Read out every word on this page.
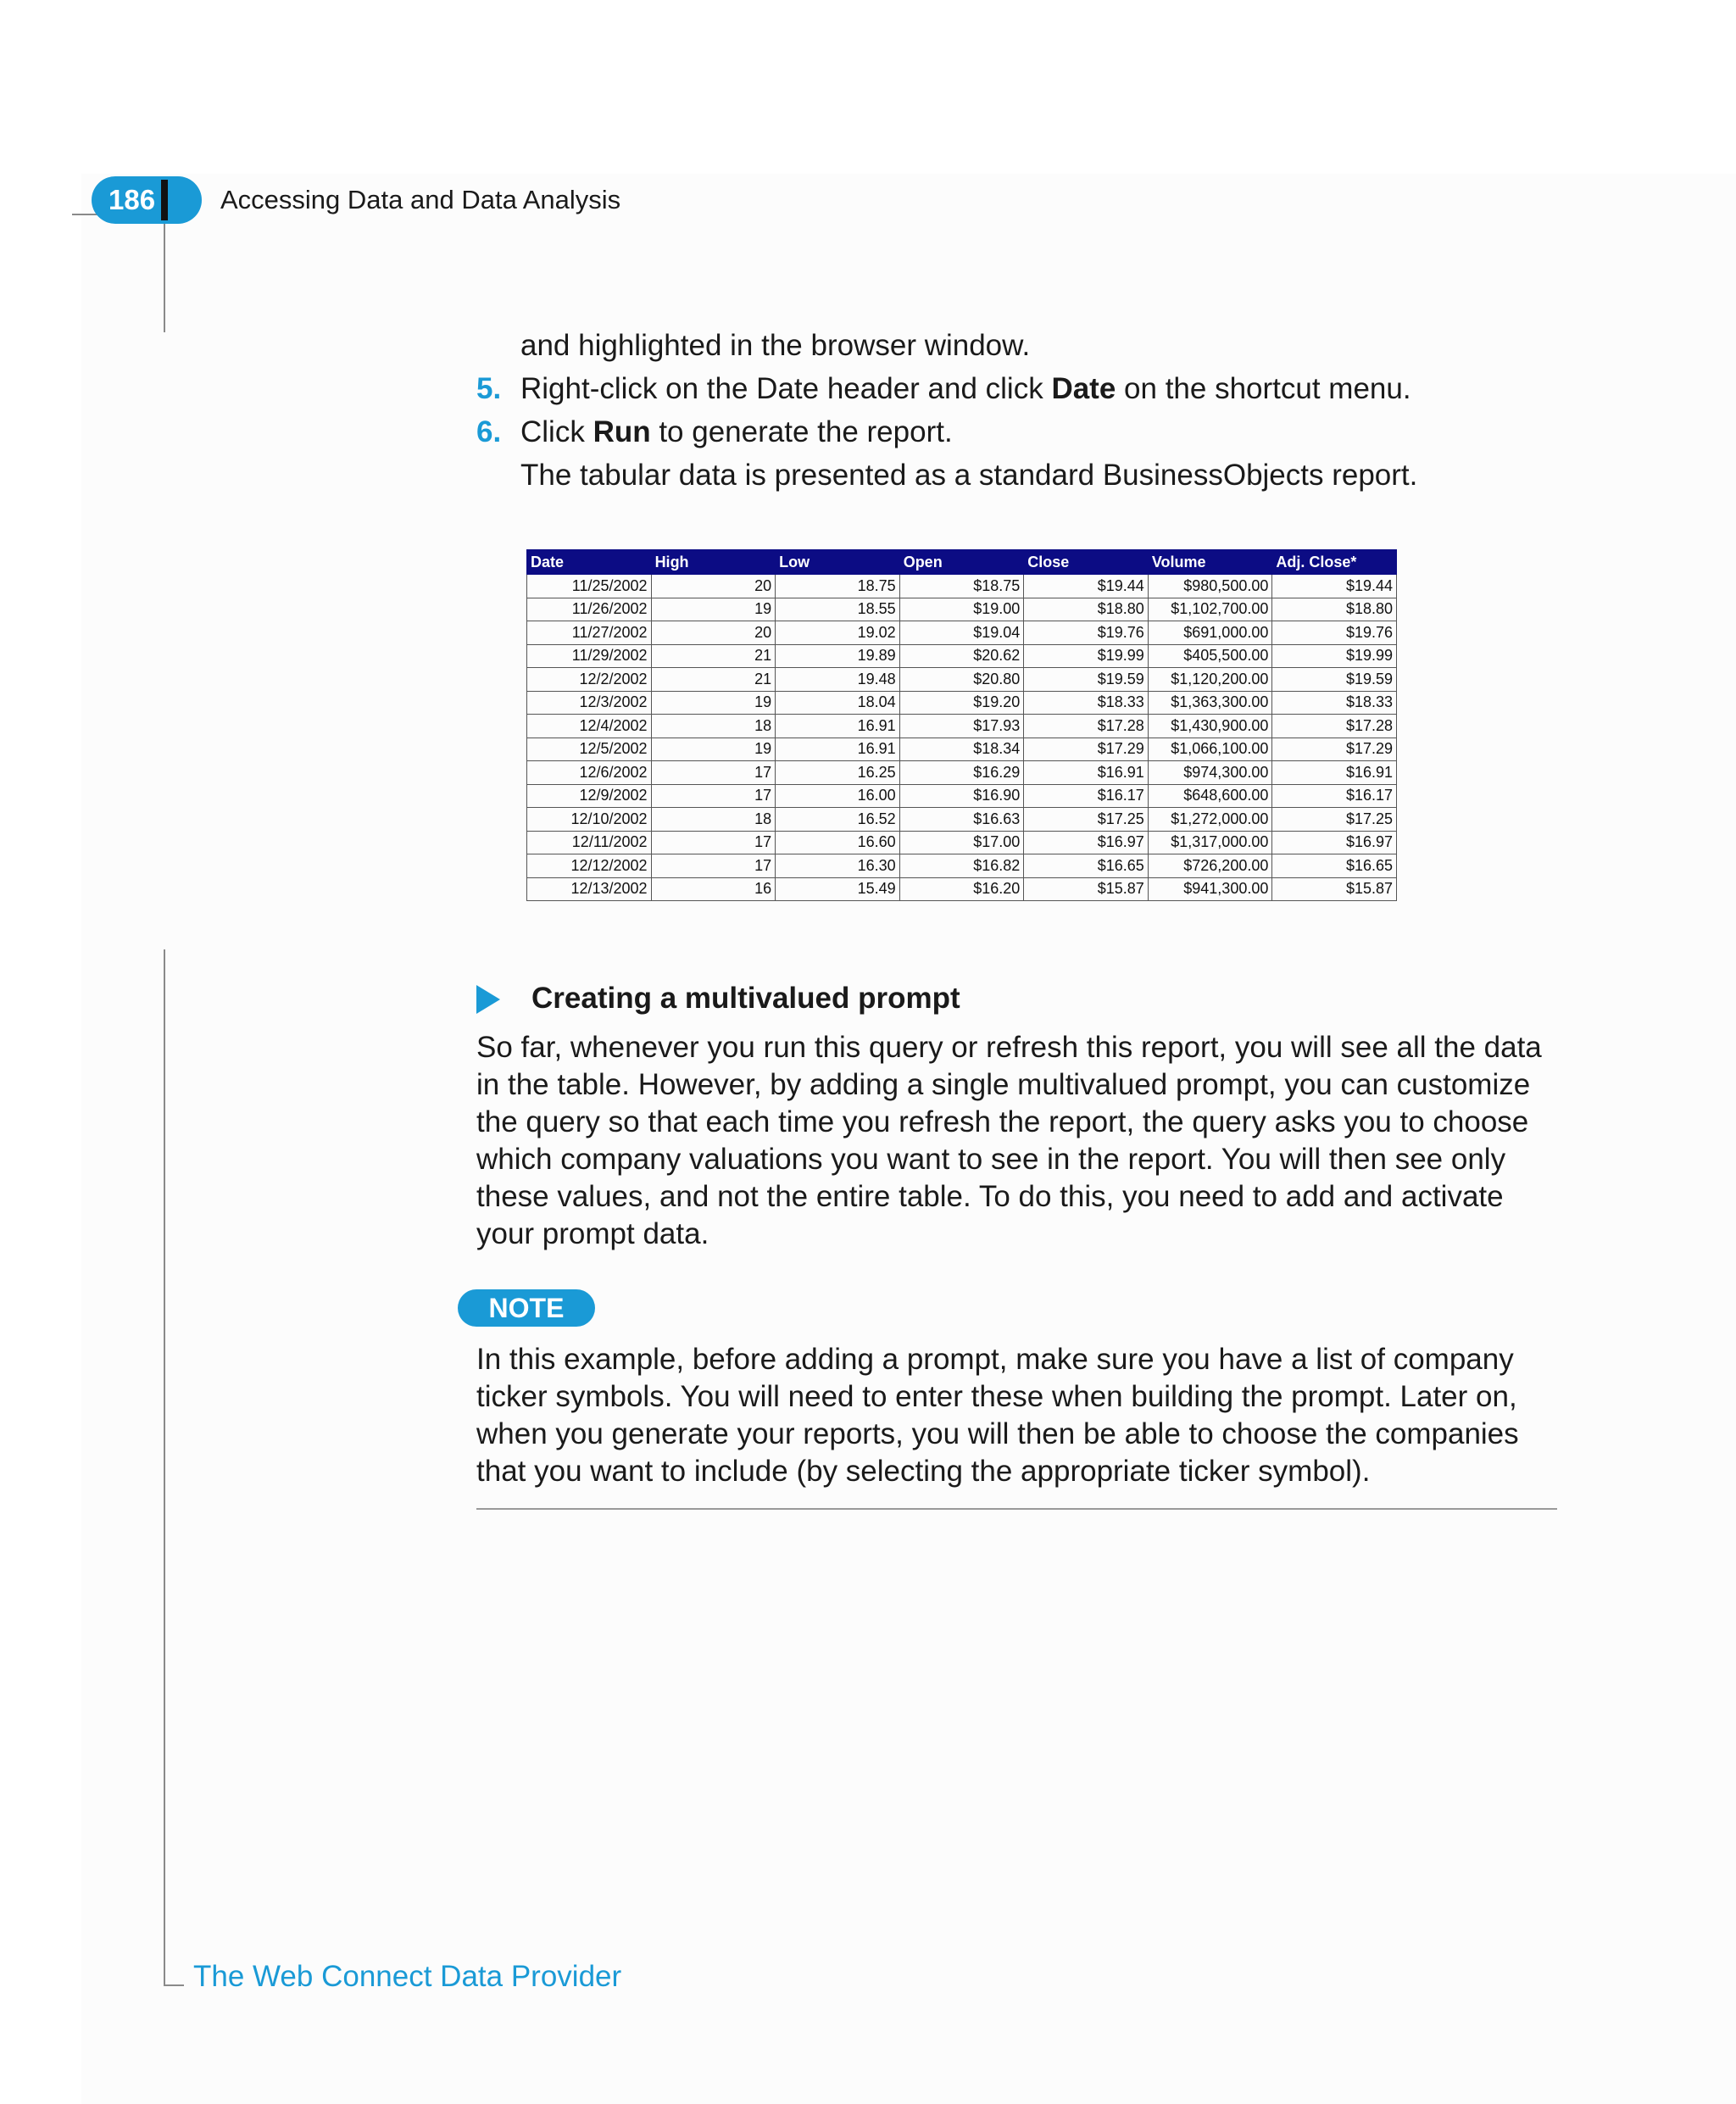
186 Accessing Data and Data Analysis
and highlighted in the browser window.
5. Right-click on the Date header and click Date on the shortcut menu.
6. Click Run to generate the report.
The tabular data is presented as a standard BusinessObjects report.
Date	High	Low	Open	Close	Volume	Adj. Close*
11/25/2002	20	18.75	$18.75	$19.44	$980,500.00	$19.44
11/26/2002	19	18.55	$19.00	$18.80	$1,102,700.00	$18.80
11/27/2002	20	19.02	$19.04	$19.76	$691,000.00	$19.76
11/29/2002	21	19.89	$20.62	$19.99	$405,500.00	$19.99
12/2/2002	21	19.48	$20.80	$19.59	$1,120,200.00	$19.59
12/3/2002	19	18.04	$19.20	$18.33	$1,363,300.00	$18.33
12/4/2002	18	16.91	$17.93	$17.28	$1,430,900.00	$17.28
12/5/2002	19	16.91	$18.34	$17.29	$1,066,100.00	$17.29
12/6/2002	17	16.25	$16.29	$16.91	$974,300.00	$16.91
12/9/2002	17	16.00	$16.90	$16.17	$648,600.00	$16.17
12/10/2002	18	16.52	$16.63	$17.25	$1,272,000.00	$17.25
12/11/2002	17	16.60	$17.00	$16.97	$1,317,000.00	$16.97
12/12/2002	17	16.30	$16.82	$16.65	$726,200.00	$16.65
12/13/2002	16	15.49	$16.20	$15.87	$941,300.00	$15.87
Creating a multivalued prompt
So far, whenever you run this query or refresh this report, you will see all the data
in the table. However, by adding a single multivalued prompt, you can customize
the query so that each time you refresh the report, the query asks you to choose
which company valuations you want to see in the report. You will then see only
these values, and not the entire table. To do this, you need to add and activate
your prompt data.
NOTE
In this example, before adding a prompt, make sure you have a list of company
ticker symbols. You will need to enter these when building the prompt. Later on,
when you generate your reports, you will then be able to choose the companies
that you want to include (by selecting the appropriate ticker symbol).
The Web Connect Data Provider
